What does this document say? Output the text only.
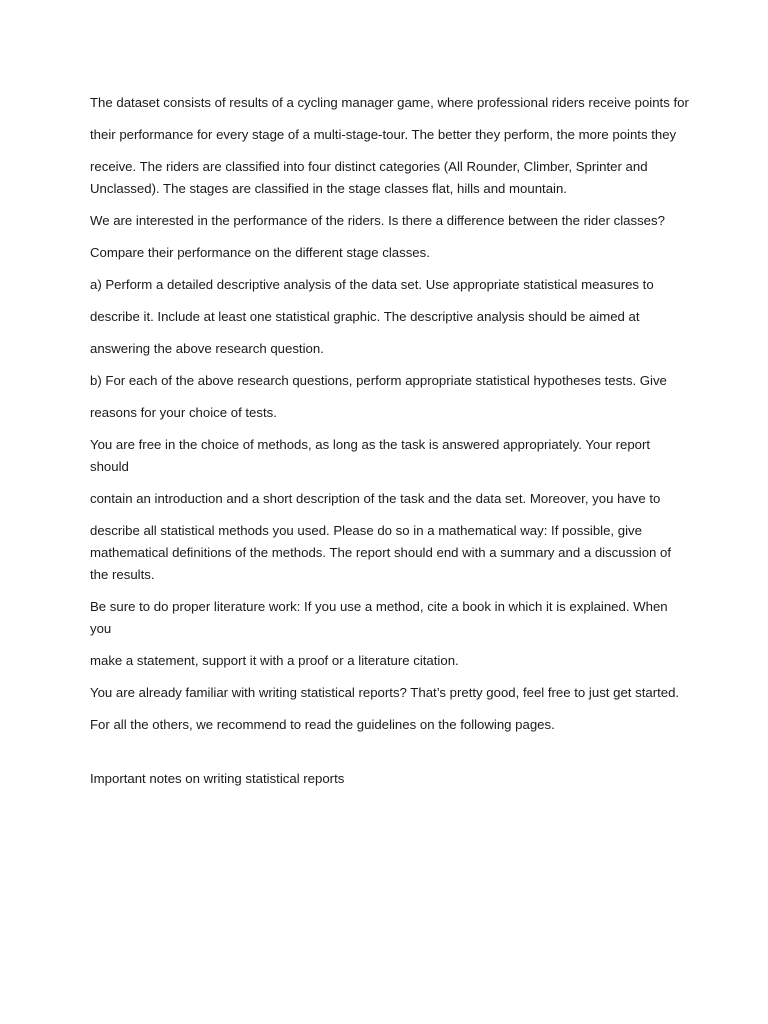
The dataset consists of results of a cycling manager game, where professional riders receive points for

their performance for every stage of a multi-stage-tour. The better they perform, the more points they

receive. The riders are classified into four distinct categories (All Rounder, Climber, Sprinter and Unclassed). The stages are classified in the stage classes flat, hills and mountain.

We are interested in the performance of the riders. Is there a difference between the rider classes?

Compare their performance on the different stage classes.

a) Perform a detailed descriptive analysis of the data set. Use appropriate statistical measures to

describe it. Include at least one statistical graphic. The descriptive analysis should be aimed at

answering the above research question.

b) For each of the above research questions, perform appropriate statistical hypotheses tests. Give

reasons for your choice of tests.

You are free in the choice of methods, as long as the task is answered appropriately. Your report should

contain an introduction and a short description of the task and the data set. Moreover, you have to

describe all statistical methods you used. Please do so in a mathematical way: If possible, give mathematical definitions of the methods. The report should end with a summary and a discussion of the results.

Be sure to do proper literature work: If you use a method, cite a book in which it is explained. When you

make a statement, support it with a proof or a literature citation.

You are already familiar with writing statistical reports? That’s pretty good, feel free to just get started.

For all the others, we recommend to read the guidelines on the following pages.

Important notes on writing statistical reports
